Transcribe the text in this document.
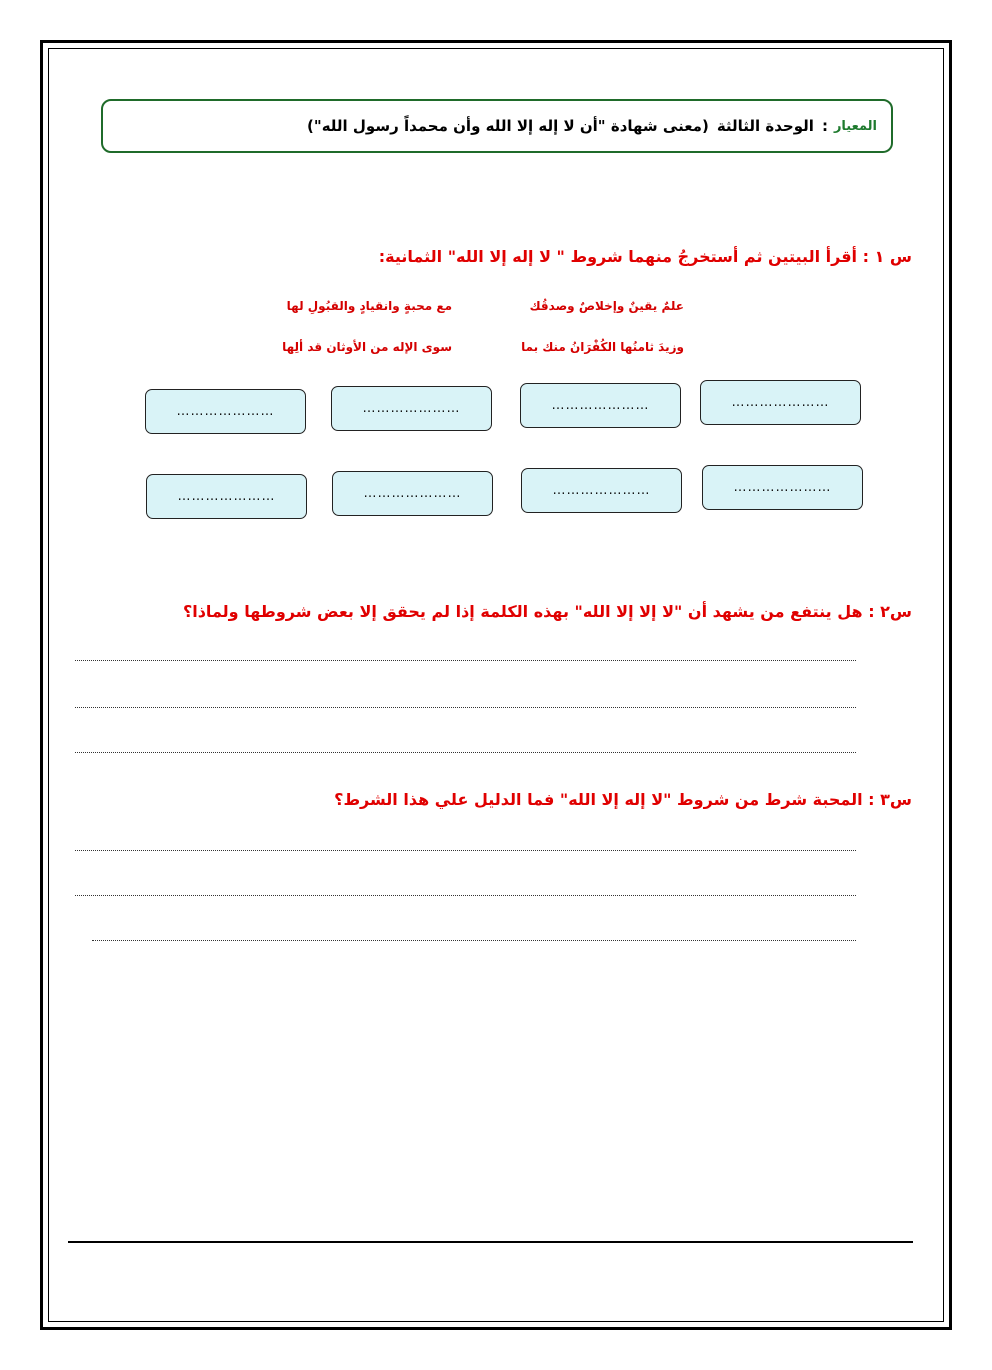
المعيار
:
الوحدة الثالثة
(معنى شهادة "أن لا إله إلا الله وأن محمداً رسول الله")
س ١ : أقرأ البيتين ثم أستخرجُ منهما شروط " لا إله إلا الله" الثمانية:
علمٌ يقينٌ وإخلاصٌ وصدقُك
مع محبةٍ وانقيادٍ والقبُولِ لها
وزيدَ ثامنُها الكُفْرَانُ منك بما
سوى الإله من الأوثان قد ألِها
…………………
…………………
…………………
…………………
…………………
…………………
…………………
…………………
س٢ : هل ينتفع من يشهد أن "لا إلا إلا الله" بهذه الكلمة إذا لم يحقق إلا بعض شروطها ولماذا؟
س٣ : المحبة شرط من شروط "لا إله إلا الله" فما الدليل علي هذا الشرط؟
